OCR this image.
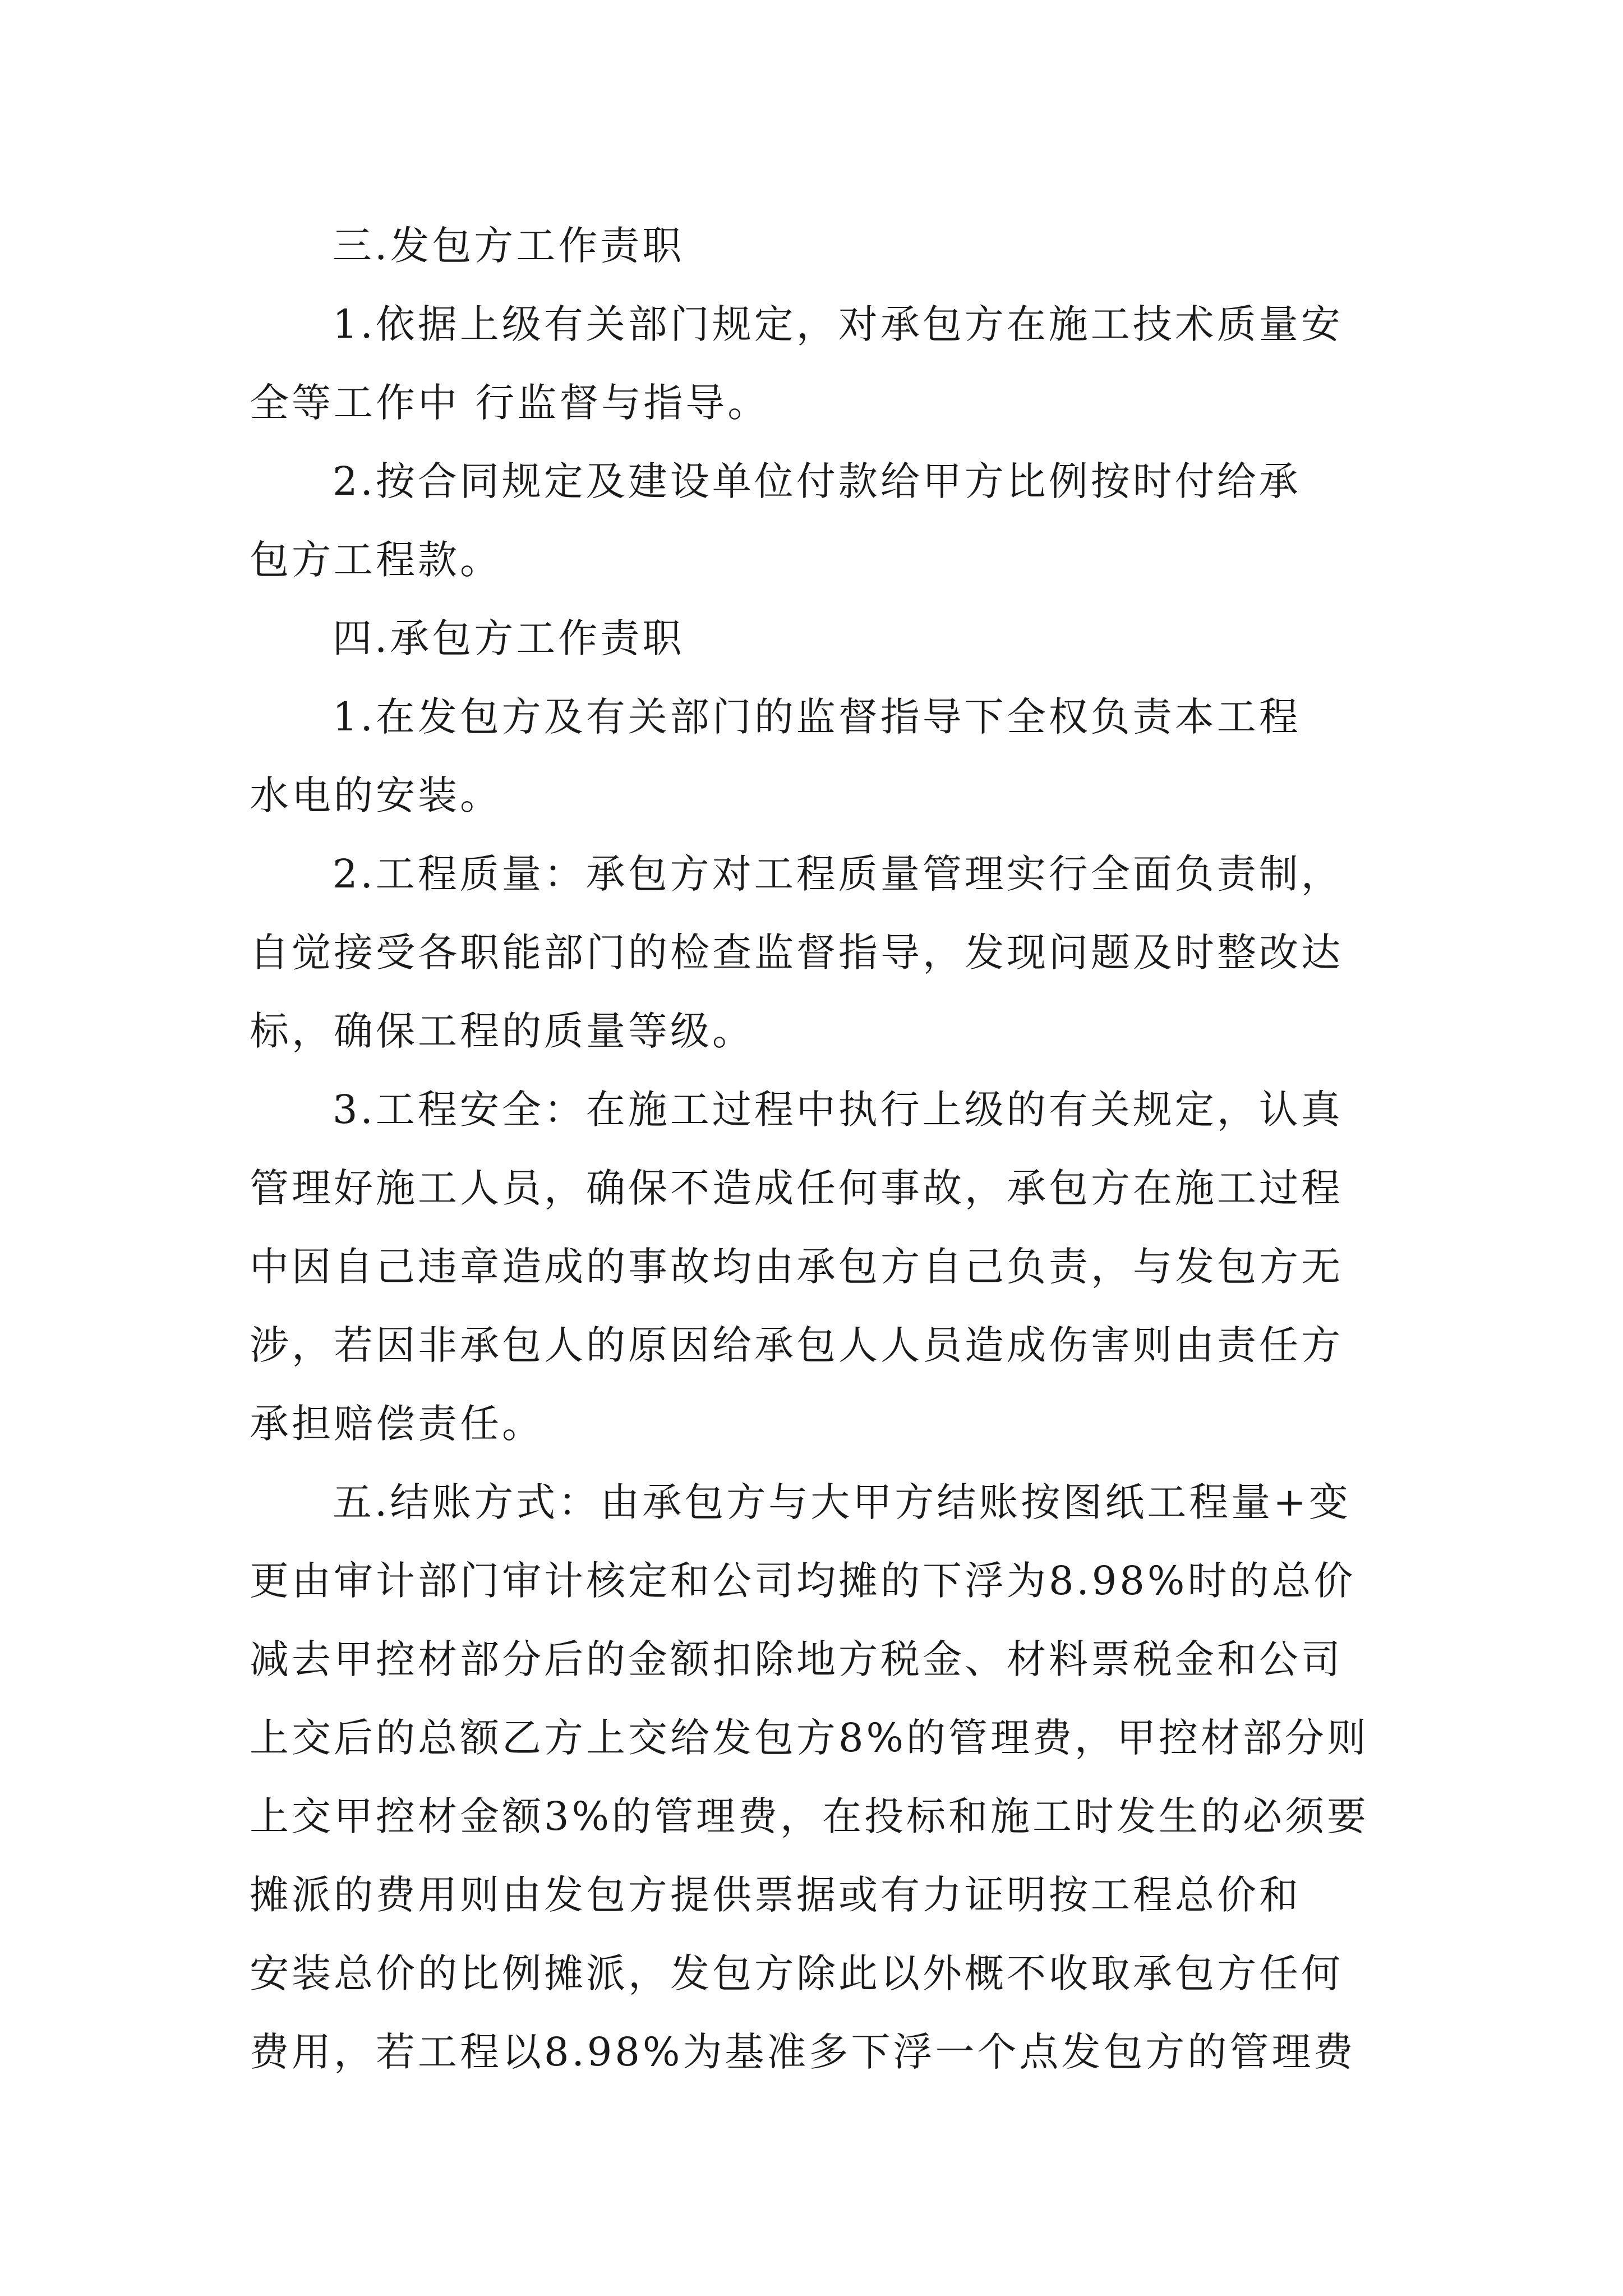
三.发包方工作责职
1.依据上级有关部门规定，对承包方在施工技术质量安
全等工作中 行监督与指导。
2.按合同规定及建设单位付款给甲方比例按时付给承
包方工程款。
四.承包方工作责职
1.在发包方及有关部门的监督指导下全权负责本工程
水电的安装。
2.工程质量：承包方对工程质量管理实行全面负责制，
自觉接受各职能部门的检查监督指导，发现问题及时整改达
标，确保工程的质量等级。
3.工程安全：在施工过程中执行上级的有关规定，认真
管理好施工人员，确保不造成任何事故，承包方在施工过程
中因自己违章造成的事故均由承包方自己负责，与发包方无
涉，若因非承包人的原因给承包人人员造成伤害则由责任方
承担赔偿责任。
五.结账方式：由承包方与大甲方结账按图纸工程量+变
更由审计部门审计核定和公司均摊的下浮为8.98%时的总价
减去甲控材部分后的金额扣除地方税金、材料票税金和公司
上交后的总额乙方上交给发包方8%的管理费，甲控材部分则
上交甲控材金额3%的管理费，在投标和施工时发生的必须要
摊派的费用则由发包方提供票据或有力证明按工程总价和
安装总价的比例摊派，发包方除此以外概不收取承包方任何
费用，若工程以8.98%为基准多下浮一个点发包方的管理费
